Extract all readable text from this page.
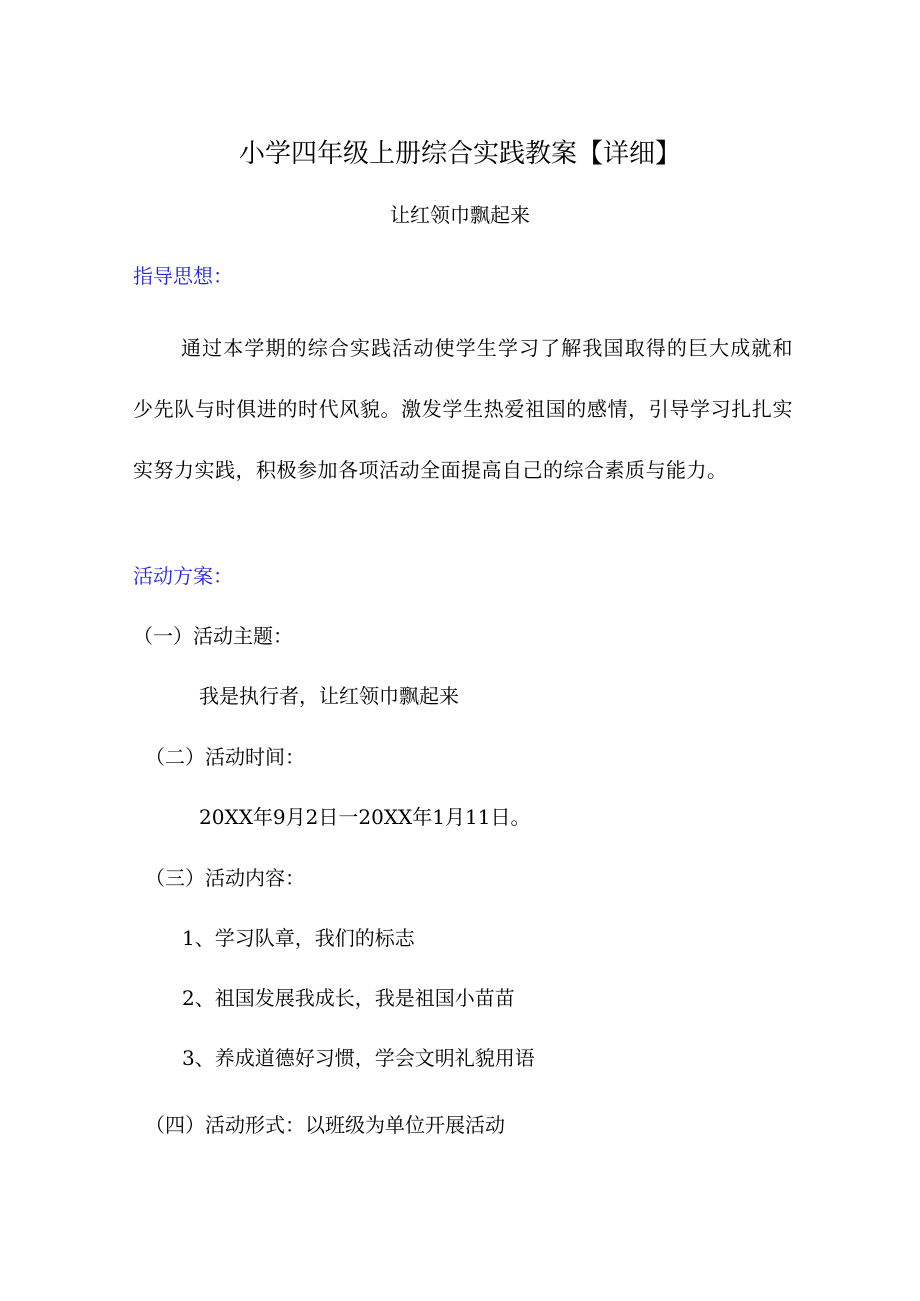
小学四年级上册综合实践教案【详细】
让红领巾飘起来
指导思想：
通过本学期的综合实践活动使学生学习了解我国取得的巨大成就和少先队与时俱进的时代风貌。激发学生热爱祖国的感情，引导学习扎扎实实努力实践，积极参加各项活动全面提高自己的综合素质与能力。
活动方案：
（一）活动主题：
我是执行者，让红领巾飘起来
（二）活动时间：
20XX年9月2日一20XX年1月11日。
（三）活动内容：
1、学习队章，我们的标志
2、祖国发展我成长，我是祖国小苗苗
3、养成道德好习惯，学会文明礼貌用语
（四）活动形式：以班级为单位开展活动
